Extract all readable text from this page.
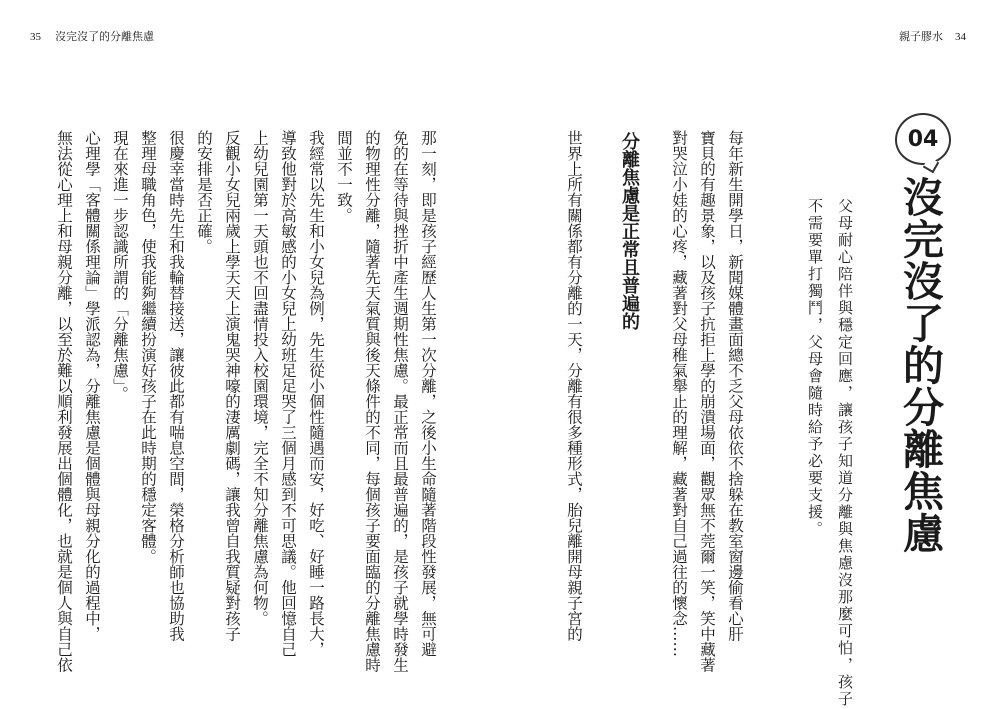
35 沒完沒了的分離焦慮	親子膠水 34
04
沒完沒了的分離焦慮
父母耐心陪伴與穩定回應，讓孩子知道分離與焦慮沒那麼可怕，孩子
不需要單打獨鬥，父母會隨時給予必要支援。
每年新生開學日，新聞媒體畫面總不乏父母依依不捨躲在教室窗邊偷看心肝
寶貝的有趣景象，以及孩子抗拒上學的崩潰場面，觀眾無不莞爾一笑，笑中藏著
對哭泣小娃的心疼，藏著對父母稚氣舉止的理解，藏著對自己過往的懷念……
分離焦慮是正常且普遍的
世界上所有關係都有分離的一天，分離有很多種形式，胎兒離開母親子宮的
那一刻，即是孩子經歷人生第一次分離，之後小生命隨著階段性發展，無可避
免的在等待與挫折中產生週期性焦慮。最正常而且最普遍的，是孩子就學時發生
的物理性分離，隨著先天氣質與後天條件的不同，每個孩子要面臨的分離焦慮時
間並不一致。
我經常以先生和小女兒為例，先生從小個性隨遇而安，好吃、好睡一路長大，
導致他對於高敏感的小女兒上幼班足足哭了三個月感到不可思議。他回憶自己
上幼兒園第一天頭也不回盡情投入校園環境，完全不知分離焦慮為何物。
反觀小女兒兩歲上學天天上演鬼哭神嚎的淒厲劇碼，讓我曾自我質疑對孩子
的安排是否正確。
很慶幸當時先生和我輪替接送，讓彼此都有喘息空間，榮格分析師也協助我
整理母職角色，使我能夠繼續扮演好孩子在此時期的穩定客體。
現在來進一步認識所謂的「分離焦慮」。
心理學「客體關係理論」學派認為，分離焦慮是個體與母親分化的過程中，
無法從心理上和母親分離，以至於難以順利發展出個體化，也就是個人與自己依
